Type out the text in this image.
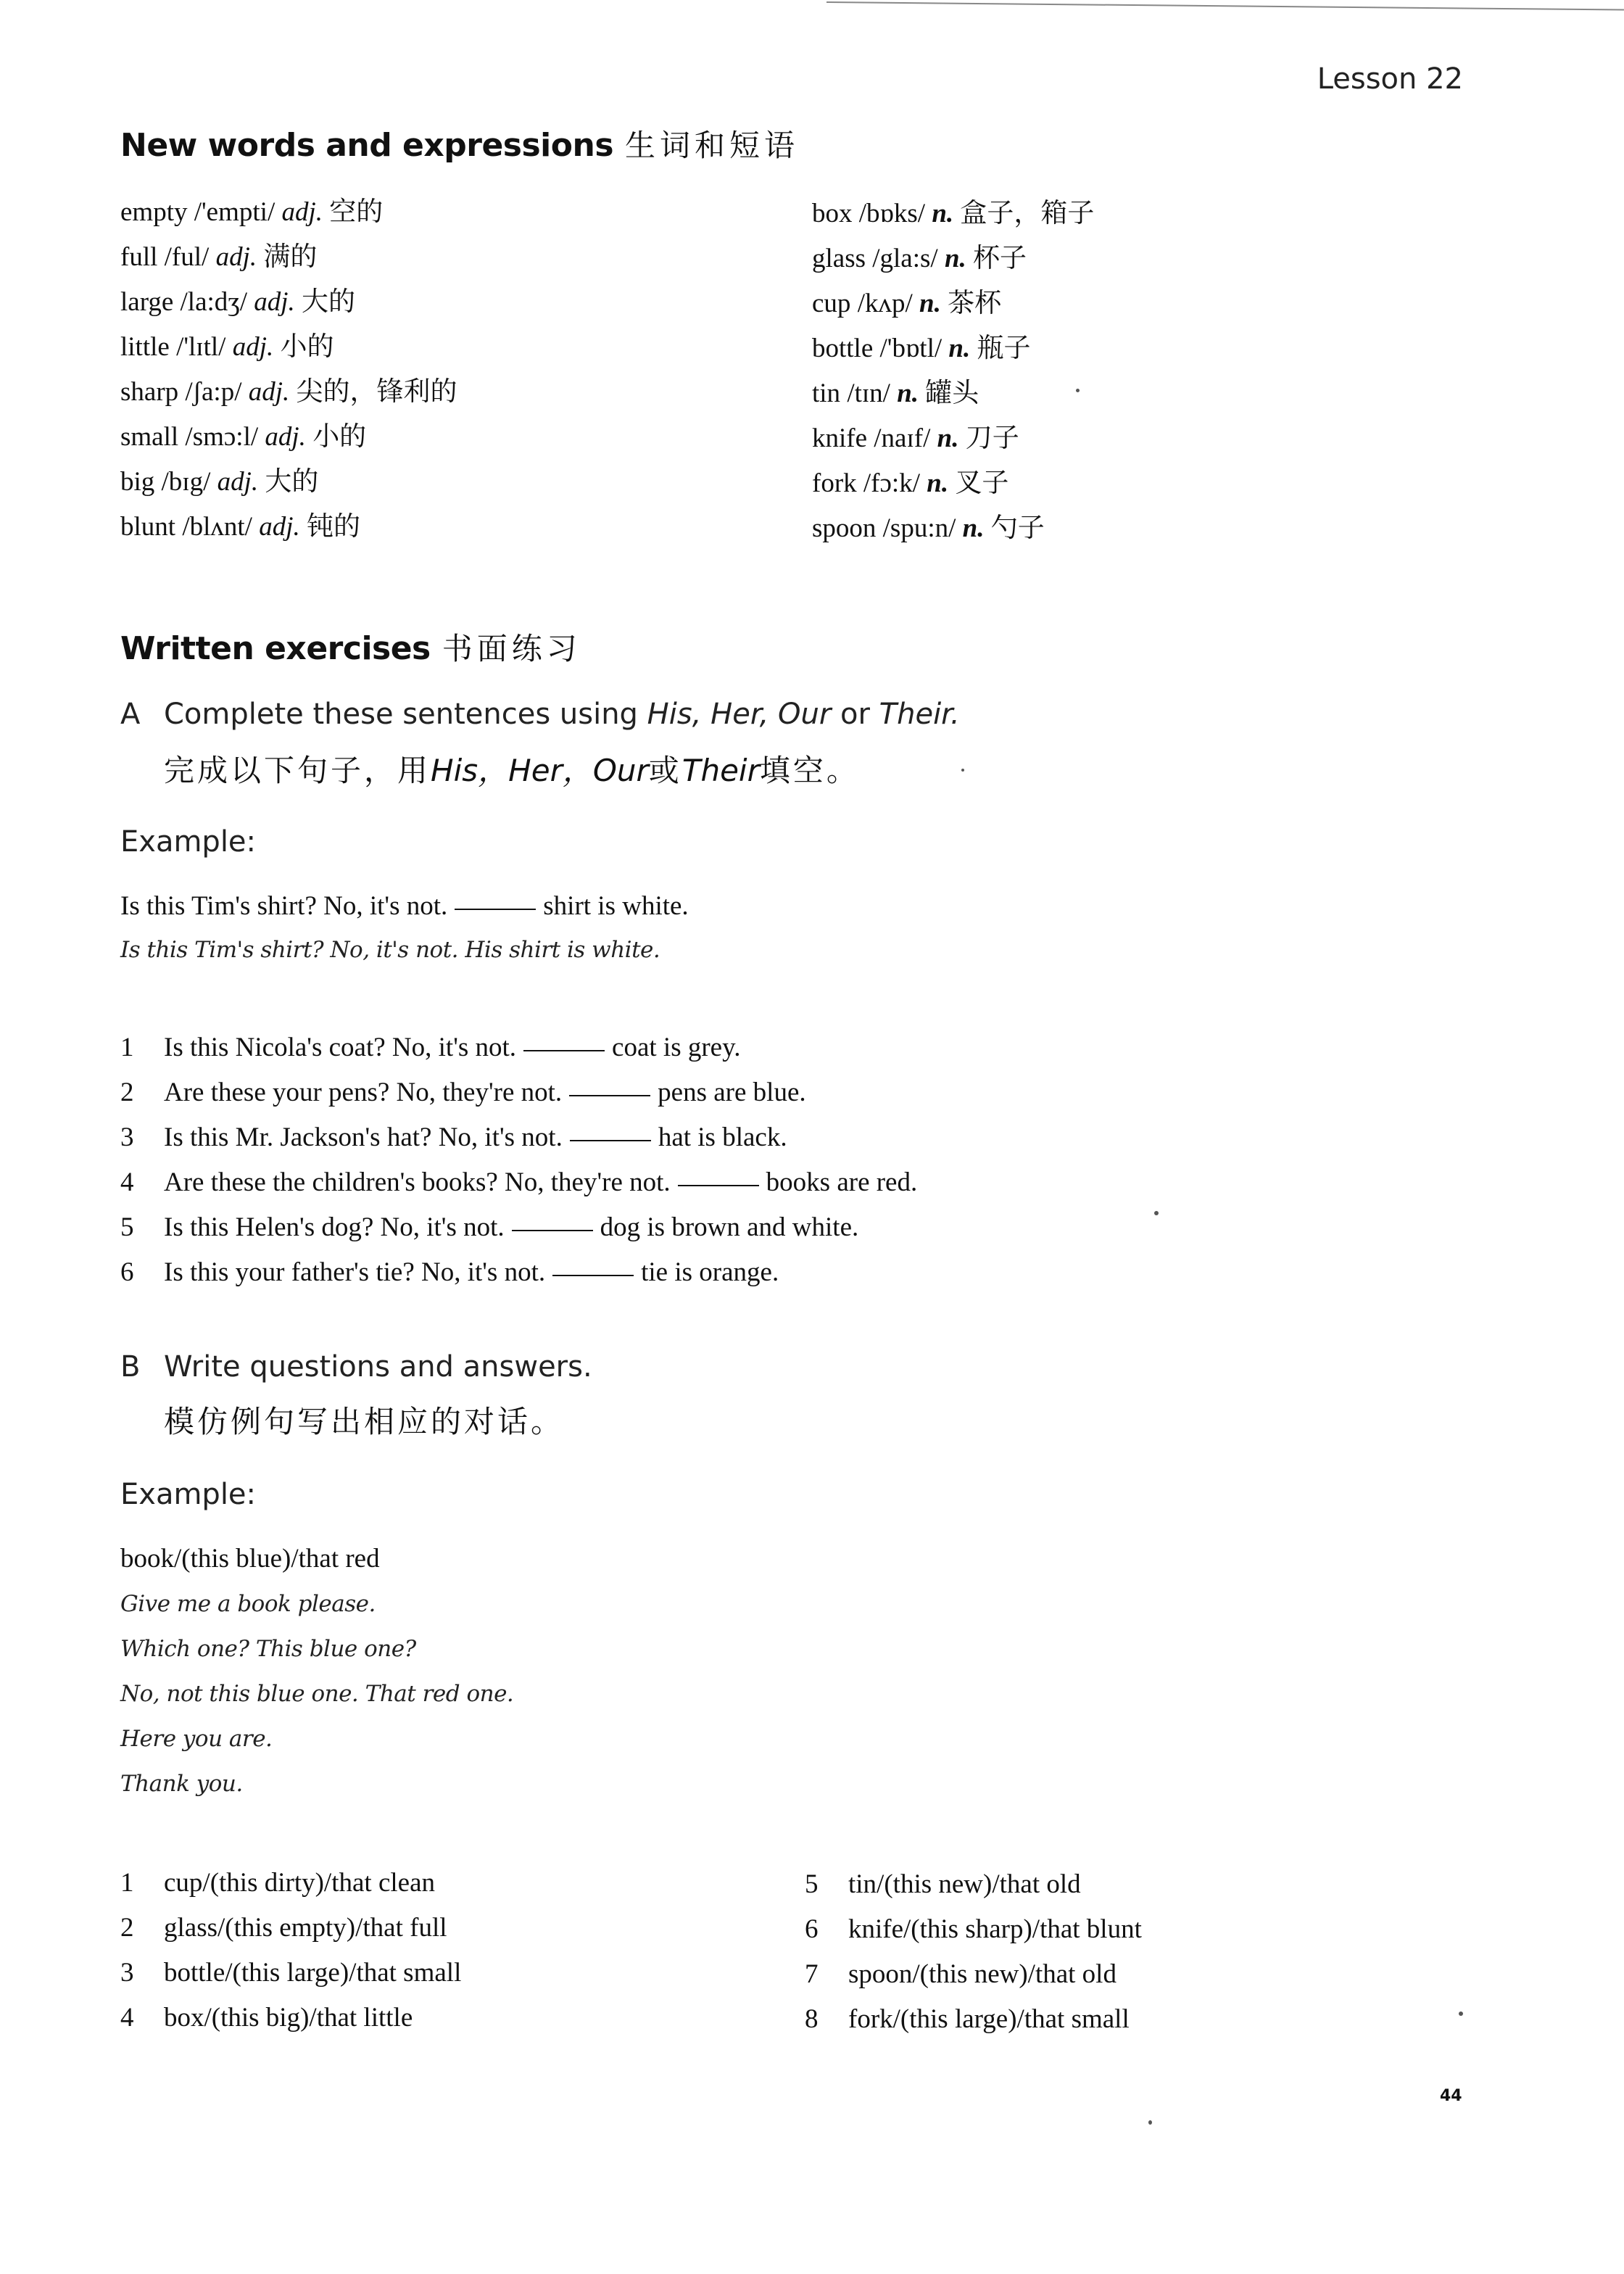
Lesson 22
New words and expressions 生词和短语
empty /'empti/ adj. 空的
full /ful/ adj. 满的
large /la:dʒ/ adj. 大的
little /'lɪtl/ adj. 小的
sharp /ʃa:p/ adj. 尖的，锋利的
small /smɔ:l/ adj. 小的
big /bɪg/ adj. 大的
blunt /blʌnt/ adj. 钝的
box /bɒks/ n. 盒子，箱子
glass /gla:s/ n. 杯子
cup /kʌp/ n. 茶杯
bottle /'bɒtl/ n. 瓶子
tin /tɪn/ n. 罐头
knife /naɪf/ n. 刀子
fork /fɔ:k/ n. 叉子
spoon /spu:n/ n. 勺子
Written exercises 书面练习
A Complete these sentences using His, Her, Our or Their.
完成以下句子，用His，Her，Our或Their填空。
Example:
Is this Tim's shirt? No, it's not.	shirt is white.
Is this Tim's shirt? No, it's not. His shirt is white.
1 Is this Nicola's coat? No, it's not.	coat is grey.
2 Are these your pens? No, they're not.	pens are blue.
3 Is this Mr. Jackson's hat? No, it's not.	hat is black.
4 Are these the children's books? No, they're not.	books are red.
5 Is this Helen's dog? No, it's not.	dog is brown and white.
6 Is this your father's tie? No, it's not.	tie is orange.
B Write questions and answers.
模仿例句写出相应的对话。
Example:
book/(this blue)/that red
Give me a book please.
Which one? This blue one?
No, not this blue one. That red one.
Here you are.
Thank you.
1 cup/(this dirty)/that clean
2 glass/(this empty)/that full
3 bottle/(this large)/that small
4 box/(this big)/that little
5 tin/(this new)/that old
6 knife/(this sharp)/that blunt
7 spoon/(this new)/that old
8 fork/(this large)/that small
44
